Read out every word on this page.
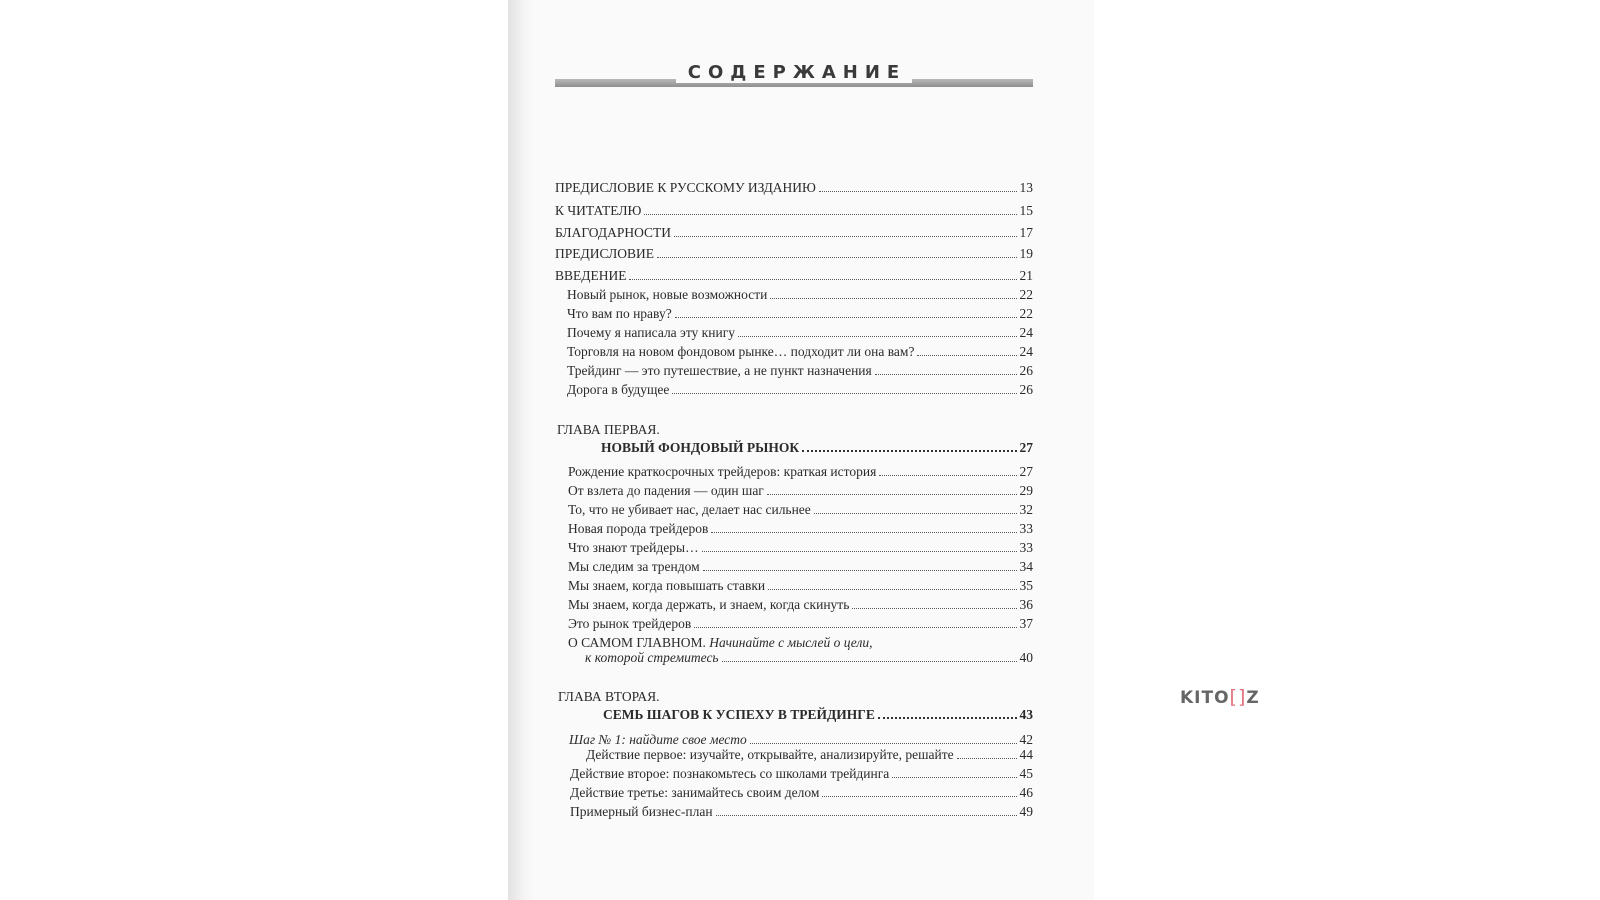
СОДЕРЖАНИЕ
ПРЕДИСЛОВИЕ К РУССКОМУ ИЗДАНИЮ	13
К ЧИТАТЕЛЮ	15
БЛАГОДАРНОСТИ	17
ПРЕДИСЛОВИЕ	19
ВВЕДЕНИЕ	21
Новый рынок, новые возможности	22
Что вам по нраву?	22
Почему я написала эту книгу	24
Торговля на новом фондовом рынке… подходит ли она вам?	24
Трейдинг — это путешествие, а не пункт назначения	26
Дорога в будущее	26
ГЛАВА ПЕРВАЯ.
НОВЫЙ ФОНДОВЫЙ РЫНОК	27
Рождение краткосрочных трейдеров: краткая история	27
От взлета до падения — один шаг	29
То, что не убивает нас, делает нас сильнее	32
Новая порода трейдеров	33
Что знают трейдеры…	33
Мы следим за трендом	34
Мы знаем, когда повышать ставки	35
Мы знаем, когда держать, и знаем, когда скинуть	36
Это рынок трейдеров	37
О САМОМ ГЛАВНОМ. Начинайте с мыслей о цели,
к которой стремитесь	40
ГЛАВА ВТОРАЯ.
СЕМЬ ШАГОВ К УСПЕХУ В ТРЕЙДИНГЕ	43
Шаг № 1: найдите свое место	42
Действие первое: изучайте, открывайте, анализируйте, решайте	44
Действие второе: познакомьтесь со школами трейдинга	45
Действие третье: занимайтесь своим делом	46
Примерный бизнес-план	49
KITO[]Z
